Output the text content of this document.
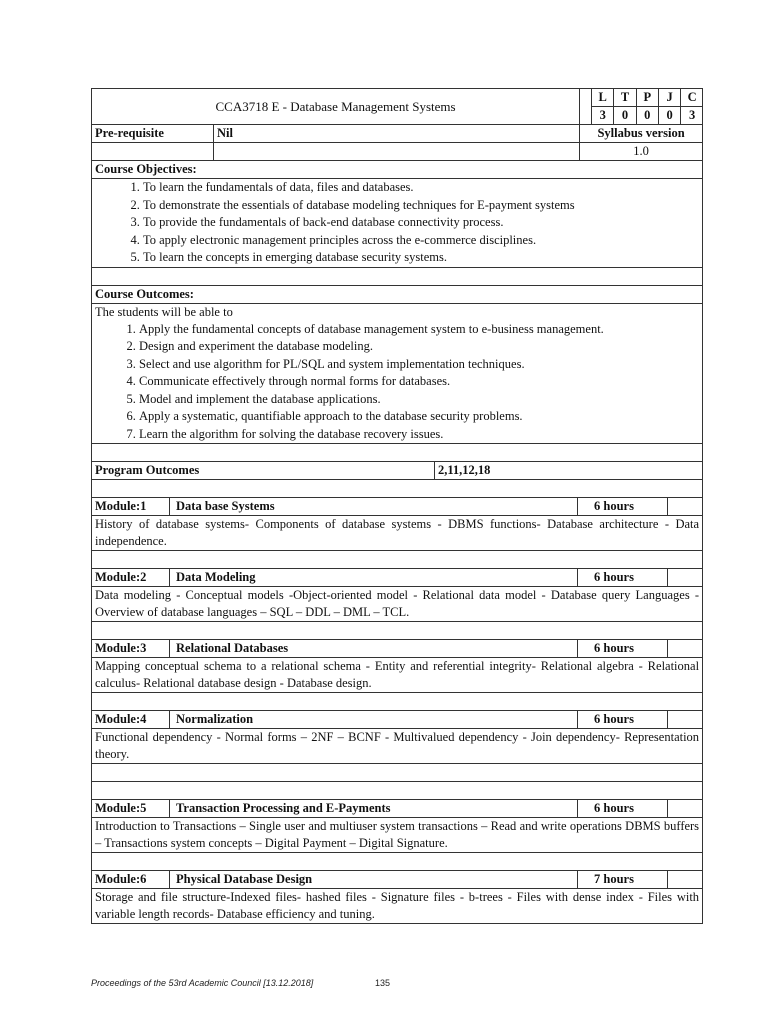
CCA3718 E - Database Management Systems	
L	T	P	J	C
3	0	0	0	3

Pre-requisite	Nil	Syllabus version
		1.0
Course Objectives:

1. To learn the fundamentals of data, files and databases.
2. To demonstrate the essentials of database modeling techniques for E-payment systems
3. To provide the fundamentals of back-end database connectivity process.
4. To apply electronic management principles across the e-commerce disciplines.
5. To learn the concepts in emerging database security systems.

Course Outcomes:

The students will be able to
1. Apply the fundamental concepts of database management system to e-business management.
2. Design and experiment the database modeling.
3. Select and use algorithm for PL/SQL and system implementation techniques.
4. Communicate effectively through normal forms for databases.
5. Model and implement the database applications.
6. Apply a systematic, quantifiable approach to the database security problems.
7. Learn the algorithm for solving the database recovery issues.

Program Outcomes	2,11,12,18

Module:1	Data base Systems	6 hours	
History of database systems- Components of database systems - DBMS functions- Database architecture - Data independence.

Module:2	Data Modeling	6 hours	
Data modeling - Conceptual models -Object-oriented model - Relational data model - Database query Languages - Overview of database languages – SQL – DDL – DML – TCL.

Module:3	Relational Databases	6 hours	
Mapping conceptual schema to a relational schema - Entity and referential integrity- Relational algebra - Relational calculus- Relational database design - Database design.

Module:4	Normalization	6 hours	
Functional dependency - Normal forms – 2NF – BCNF - Multivalued dependency - Join dependency- Representation theory.

Module:5	Transaction Processing and E-Payments	6 hours	
Introduction to Transactions – Single user and multiuser system transactions – Read and write operations DBMS buffers – Transactions system concepts – Digital Payment – Digital Signature.

Module:6	Physical Database Design	7 hours	
Storage and file structure-Indexed files- hashed files - Signature files - b-trees - Files with dense index - Files with variable length records- Database efficiency and tuning.
Proceedings of the 53rd Academic Council [13.12.2018]	135
